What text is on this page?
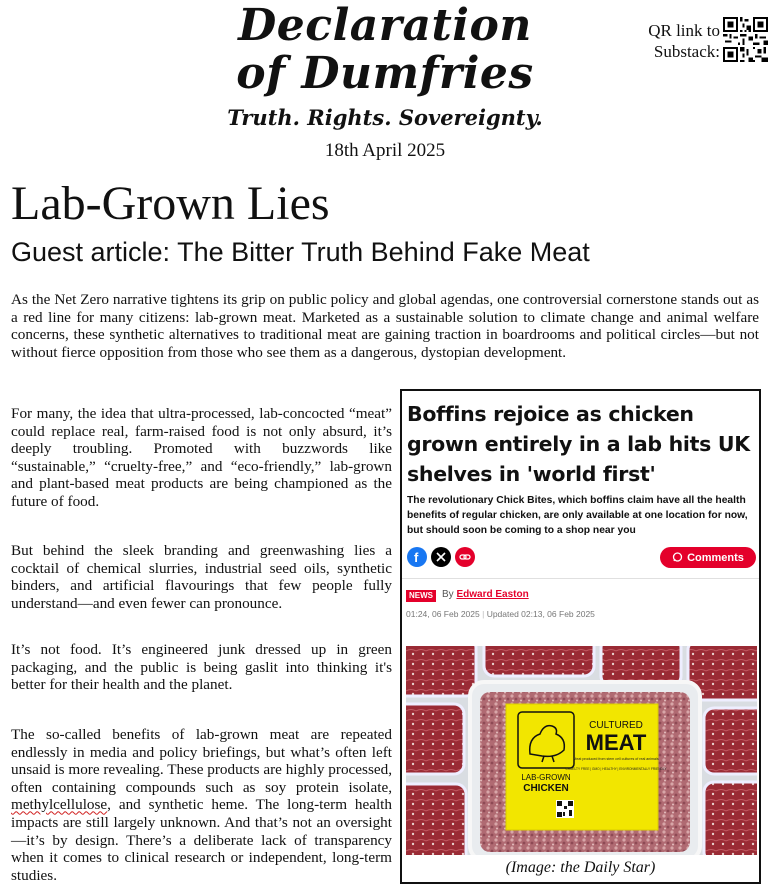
Declaration
of Dumfries
Truth. Rights. Sovereignty.
18th April 2025
QR link to Substack:
Lab-Grown Lies
Guest article: The Bitter Truth Behind Fake Meat
As the Net Zero narrative tightens its grip on public policy and global agendas, one controversial cornerstone stands out as a red line for many citizens: lab-grown meat. Marketed as a sustainable solution to climate change and animal welfare concerns, these synthetic alternatives to traditional meat are gaining traction in boardrooms and political circles—but not without fierce opposition from those who see them as a dangerous, dystopian development.
For many, the idea that ultra-processed, lab-concocted “meat” could replace real, farm-raised food is not only absurd, it’s deeply troubling. Promoted with buzzwords like “sustainable,” “cruelty-free,” and “eco-friendly,” lab-grown and plant-based meat products are being championed as the future of food.
But behind the sleek branding and greenwashing lies a cocktail of chemical slurries, industrial seed oils, synthetic binders, and artificial flavourings that few people fully understand—and even fewer can pronounce.
It’s not food. It’s engineered junk dressed up in green packaging, and the public is being gaslit into thinking it's better for their health and the planet.
The so-called benefits of lab-grown meat are repeated endlessly in media and policy briefings, but what’s often left unsaid is more revealing. These products are highly processed, often containing compounds such as soy protein isolate, methylcellulose, and synthetic heme. The long-term health impacts are still largely unknown. And that’s not an oversight—it’s by design. There’s a deliberate lack of transparency when it comes to clinical research or independent, long-term studies.
Boffins rejoice as chicken grown entirely in a lab hits UK shelves in 'world first'
The revolutionary Chick Bites, which boffins claim have all the health benefits of regular chicken, are only available at one location for now, but should soon be coming to a shop near you
f	Comments
NEWS By Edward Easton
01:24, 06 Feb 2025 | Updated 02:13, 06 Feb 2025
LAB-GROWN
CHICKEN
CULTURED
MEAT
Meat produced from stem cell cultures of real animals
CRUELTY FREE | GMO | HEALTHY | ENVIRONMENTALLY FRIENDLY
(Image: the Daily Star)
